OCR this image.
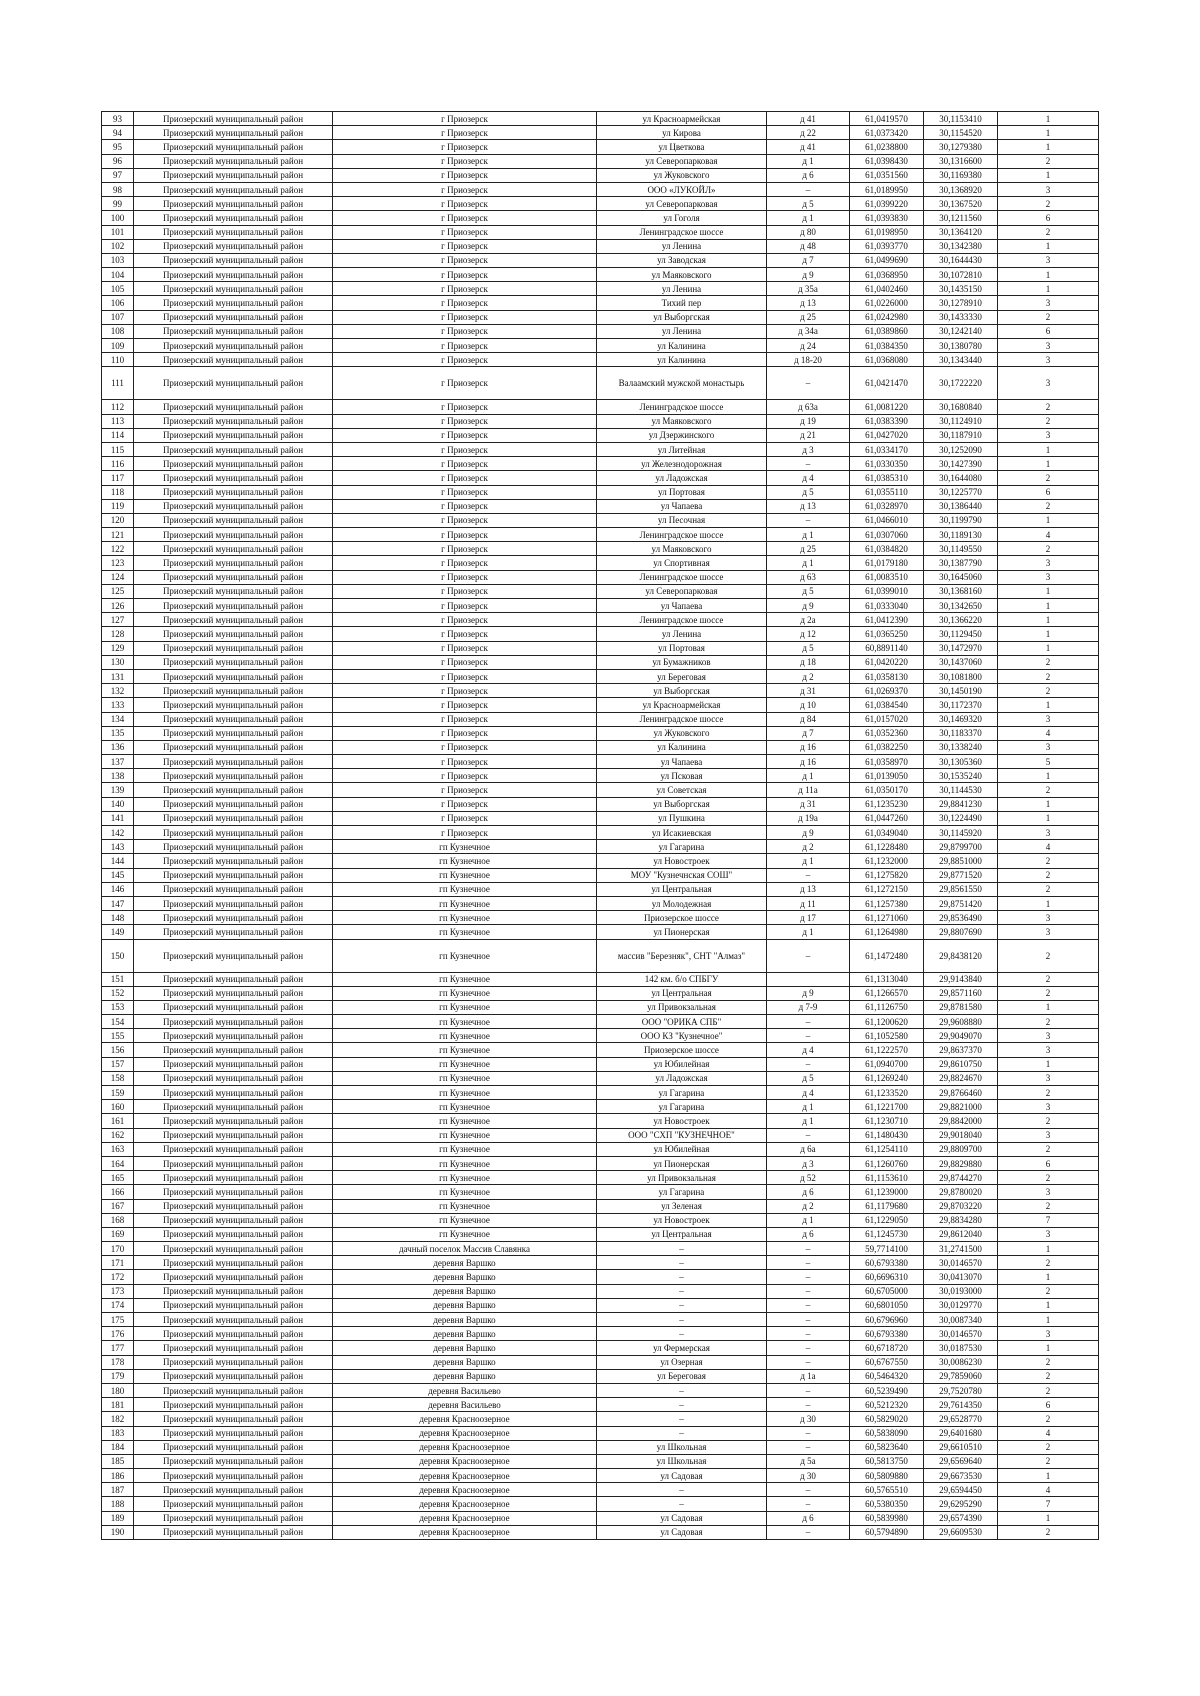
93	Приозерский муниципальный район	г Приозерск	ул Красноармейская	д 41	61,0419570	30,1153410	1
94	Приозерский муниципальный район	г Приозерск	ул Кирова	д 22	61,0373420	30,1154520	1
95	Приозерский муниципальный район	г Приозерск	ул Цветкова	д 41	61,0238800	30,1279380	1
96	Приозерский муниципальный район	г Приозерск	ул Северопарковая	д 1	61,0398430	30,1316600	2
97	Приозерский муниципальный район	г Приозерск	ул Жуковского	д 6	61,0351560	30,1169380	1
98	Приозерский муниципальный район	г Приозерск	ООО «ЛУКОЙЛ»	–	61,0189950	30,1368920	3
99	Приозерский муниципальный район	г Приозерск	ул Северопарковая	д 5	61,0399220	30,1367520	2
100	Приозерский муниципальный район	г Приозерск	ул Гоголя	д 1	61,0393830	30,1211560	6
101	Приозерский муниципальный район	г Приозерск	Ленинградское шоссе	д 80	61,0198950	30,1364120	2
102	Приозерский муниципальный район	г Приозерск	ул Ленина	д 48	61,0393770	30,1342380	1
103	Приозерский муниципальный район	г Приозерск	ул Заводская	д 7	61,0499690	30,1644430	3
104	Приозерский муниципальный район	г Приозерск	ул Маяковского	д 9	61,0368950	30,1072810	1
105	Приозерский муниципальный район	г Приозерск	ул Ленина	д 35а	61,0402460	30,1435150	1
106	Приозерский муниципальный район	г Приозерск	Тихий пер	д 13	61,0226000	30,1278910	3
107	Приозерский муниципальный район	г Приозерск	ул Выборгская	д 25	61,0242980	30,1433330	2
108	Приозерский муниципальный район	г Приозерск	ул Ленина	д 34а	61,0389860	30,1242140	6
109	Приозерский муниципальный район	г Приозерск	ул Калинина	д 24	61,0384350	30,1380780	3
110	Приозерский муниципальный район	г Приозерск	ул Калинина	д 18-20	61,0368080	30,1343440	3
111	Приозерский муниципальный район	г Приозерск	Валаамский мужской монастырь	–	61,0421470	30,1722220	3
112	Приозерский муниципальный район	г Приозерск	Ленинградское шоссе	д 63а	61,0081220	30,1680840	2
113	Приозерский муниципальный район	г Приозерск	ул Маяковского	д 19	61,0383390	30,1124910	2
114	Приозерский муниципальный район	г Приозерск	ул Дзержинского	д 21	61,0427020	30,1187910	3
115	Приозерский муниципальный район	г Приозерск	ул Литейная	д 3	61,0334170	30,1252090	1
116	Приозерский муниципальный район	г Приозерск	ул Железнодорожная	–	61,0330350	30,1427390	1
117	Приозерский муниципальный район	г Приозерск	ул Ладожская	д 4	61,0385310	30,1644080	2
118	Приозерский муниципальный район	г Приозерск	ул Портовая	д 5	61,0355110	30,1225770	6
119	Приозерский муниципальный район	г Приозерск	ул Чапаева	д 13	61,0328970	30,1386440	2
120	Приозерский муниципальный район	г Приозерск	ул Песочная	–	61,0466010	30,1199790	1
121	Приозерский муниципальный район	г Приозерск	Ленинградское шоссе	д 1	61,0307060	30,1189130	4
122	Приозерский муниципальный район	г Приозерск	ул Маяковского	д 25	61,0384820	30,1149550	2
123	Приозерский муниципальный район	г Приозерск	ул Спортивная	д 1	61,0179180	30,1387790	3
124	Приозерский муниципальный район	г Приозерск	Ленинградское шоссе	д 63	61,0083510	30,1645060	3
125	Приозерский муниципальный район	г Приозерск	ул Северопарковая	д 5	61,0399010	30,1368160	1
126	Приозерский муниципальный район	г Приозерск	ул Чапаева	д 9	61,0333040	30,1342650	1
127	Приозерский муниципальный район	г Приозерск	Ленинградское шоссе	д 2а	61,0412390	30,1366220	1
128	Приозерский муниципальный район	г Приозерск	ул Ленина	д 12	61,0365250	30,1129450	1
129	Приозерский муниципальный район	г Приозерск	ул Портовая	д 5	60,8891140	30,1472970	1
130	Приозерский муниципальный район	г Приозерск	ул Бумажников	д 18	61,0420220	30,1437060	2
131	Приозерский муниципальный район	г Приозерск	ул Береговая	д 2	61,0358130	30,1081800	2
132	Приозерский муниципальный район	г Приозерск	ул Выборгская	д 31	61,0269370	30,1450190	2
133	Приозерский муниципальный район	г Приозерск	ул Красноармейская	д 10	61,0384540	30,1172370	1
134	Приозерский муниципальный район	г Приозерск	Ленинградское шоссе	д 84	61,0157020	30,1469320	3
135	Приозерский муниципальный район	г Приозерск	ул Жуковского	д 7	61,0352360	30,1183370	4
136	Приозерский муниципальный район	г Приозерск	ул Калинина	д 16	61,0382250	30,1338240	3
137	Приозерский муниципальный район	г Приозерск	ул Чапаева	д 16	61,0358970	30,1305360	5
138	Приозерский муниципальный район	г Приозерск	ул Псковая	д 1	61,0139050	30,1535240	1
139	Приозерский муниципальный район	г Приозерск	ул Советская	д 11а	61,0350170	30,1144530	2
140	Приозерский муниципальный район	г Приозерск	ул Выборгская	д 31	61,1235230	29,8841230	1
141	Приозерский муниципальный район	г Приозерск	ул Пушкина	д 19а	61,0447260	30,1224490	1
142	Приозерский муниципальный район	г Приозерск	ул Исакиевская	д 9	61,0349040	30,1145920	3
143	Приозерский муниципальный район	гп Кузнечное	ул Гагарина	д 2	61,1228480	29,8799700	4
144	Приозерский муниципальный район	гп Кузнечное	ул Новостроек	д 1	61,1232000	29,8851000	2
145	Приозерский муниципальный район	гп Кузнечное	МОУ "Кузнечнская СОШ"	–	61,1275820	29,8771520	2
146	Приозерский муниципальный район	гп Кузнечное	ул Центральная	д 13	61,1272150	29,8561550	2
147	Приозерский муниципальный район	гп Кузнечное	ул Молодежная	д 11	61,1257380	29,8751420	1
148	Приозерский муниципальный район	гп Кузнечное	Приозерское шоссе	д 17	61,1271060	29,8536490	3
149	Приозерский муниципальный район	гп Кузнечное	ул Пионерская	д 1	61,1264980	29,8807690	3
150	Приозерский муниципальный район	гп Кузнечное	массив "Березняк", СНТ "Алмаз"	–	61,1472480	29,8438120	2
151	Приозерский муниципальный район	гп Кузнечное	142 км. б/о СПБГУ		61,1313040	29,9143840	2
152	Приозерский муниципальный район	гп Кузнечное	ул Центральная	д 9	61,1266570	29,8571160	2
153	Приозерский муниципальный район	гп Кузнечное	ул Привокзальная	д 7-9	61,1126750	29,8781580	1
154	Приозерский муниципальный район	гп Кузнечное	ООО "ОРИКА СПБ"	–	61,1200620	29,9608880	2
155	Приозерский муниципальный район	гп Кузнечное	ООО КЗ "Кузнечное"	–	61,1052580	29,9049070	3
156	Приозерский муниципальный район	гп Кузнечное	Приозерское шоссе	д 4	61,1222570	29,8637370	3
157	Приозерский муниципальный район	гп Кузнечное	ул Юбилейная	–	61,0940700	29,8610750	1
158	Приозерский муниципальный район	гп Кузнечное	ул Ладожская	д 5	61,1269240	29,8824670	3
159	Приозерский муниципальный район	гп Кузнечное	ул Гагарина	д 4	61,1233520	29,8766460	2
160	Приозерский муниципальный район	гп Кузнечное	ул Гагарина	д 1	61,1221700	29,8821000	3
161	Приозерский муниципальный район	гп Кузнечное	ул Новостроек	д 1	61,1230710	29,8842000	2
162	Приозерский муниципальный район	гп Кузнечное	ООО "СХП "КУЗНЕЧНОЕ"	–	61,1480430	29,9018040	3
163	Приозерский муниципальный район	гп Кузнечное	ул Юбилейная	д 6а	61,1254110	29,8809700	2
164	Приозерский муниципальный район	гп Кузнечное	ул Пионерская	д 3	61,1260760	29,8829880	6
165	Приозерский муниципальный район	гп Кузнечное	ул Привокзальная	д 52	61,1153610	29,8744270	2
166	Приозерский муниципальный район	гп Кузнечное	ул Гагарина	д 6	61,1239000	29,8780020	3
167	Приозерский муниципальный район	гп Кузнечное	ул Зеленая	д 2	61,1179680	29,8703220	2
168	Приозерский муниципальный район	гп Кузнечное	ул Новостроек	д 1	61,1229050	29,8834280	7
169	Приозерский муниципальный район	гп Кузнечное	ул Центральная	д 6	61,1245730	29,8612040	3
170	Приозерский муниципальный район	дачный поселок Массив Славянка	–	–	59,7714100	31,2741500	1
171	Приозерский муниципальный район	деревня Варшко	–	–	60,6793380	30,0146570	2
172	Приозерский муниципальный район	деревня Варшко	–	–	60,6696310	30,0413070	1
173	Приозерский муниципальный район	деревня Варшко	–	–	60,6705000	30,0193000	2
174	Приозерский муниципальный район	деревня Варшко	–	–	60,6801050	30,0129770	1
175	Приозерский муниципальный район	деревня Варшко	–	–	60,6796960	30,0087340	1
176	Приозерский муниципальный район	деревня Варшко	–	–	60,6793380	30,0146570	3
177	Приозерский муниципальный район	деревня Варшко	ул Фермерская	–	60,6718720	30,0187530	1
178	Приозерский муниципальный район	деревня Варшко	ул Озерная	–	60,6767550	30,0086230	2
179	Приозерский муниципальный район	деревня Варшко	ул Береговая	д 1а	60,5464320	29,7859060	2
180	Приозерский муниципальный район	деревня Васильево	–	–	60,5239490	29,7520780	2
181	Приозерский муниципальный район	деревня Васильево	–	–	60,5212320	29,7614350	6
182	Приозерский муниципальный район	деревня Красноозерное	–	д 30	60,5829020	29,6528770	2
183	Приозерский муниципальный район	деревня Красноозерное	–	–	60,5838090	29,6401680	4
184	Приозерский муниципальный район	деревня Красноозерное	ул Школьная	–	60,5823640	29,6610510	2
185	Приозерский муниципальный район	деревня Красноозерное	ул Школьная	д 5а	60,5813750	29,6569640	2
186	Приозерский муниципальный район	деревня Красноозерное	ул Садовая	д 30	60,5809880	29,6673530	1
187	Приозерский муниципальный район	деревня Красноозерное	–	–	60,5765510	29,6594450	4
188	Приозерский муниципальный район	деревня Красноозерное	–	–	60,5380350	29,6295290	7
189	Приозерский муниципальный район	деревня Красноозерное	ул Садовая	д 6	60,5839980	29,6574390	1
190	Приозерский муниципальный район	деревня Красноозерное	ул Садовая	–	60,5794890	29,6609530	2
